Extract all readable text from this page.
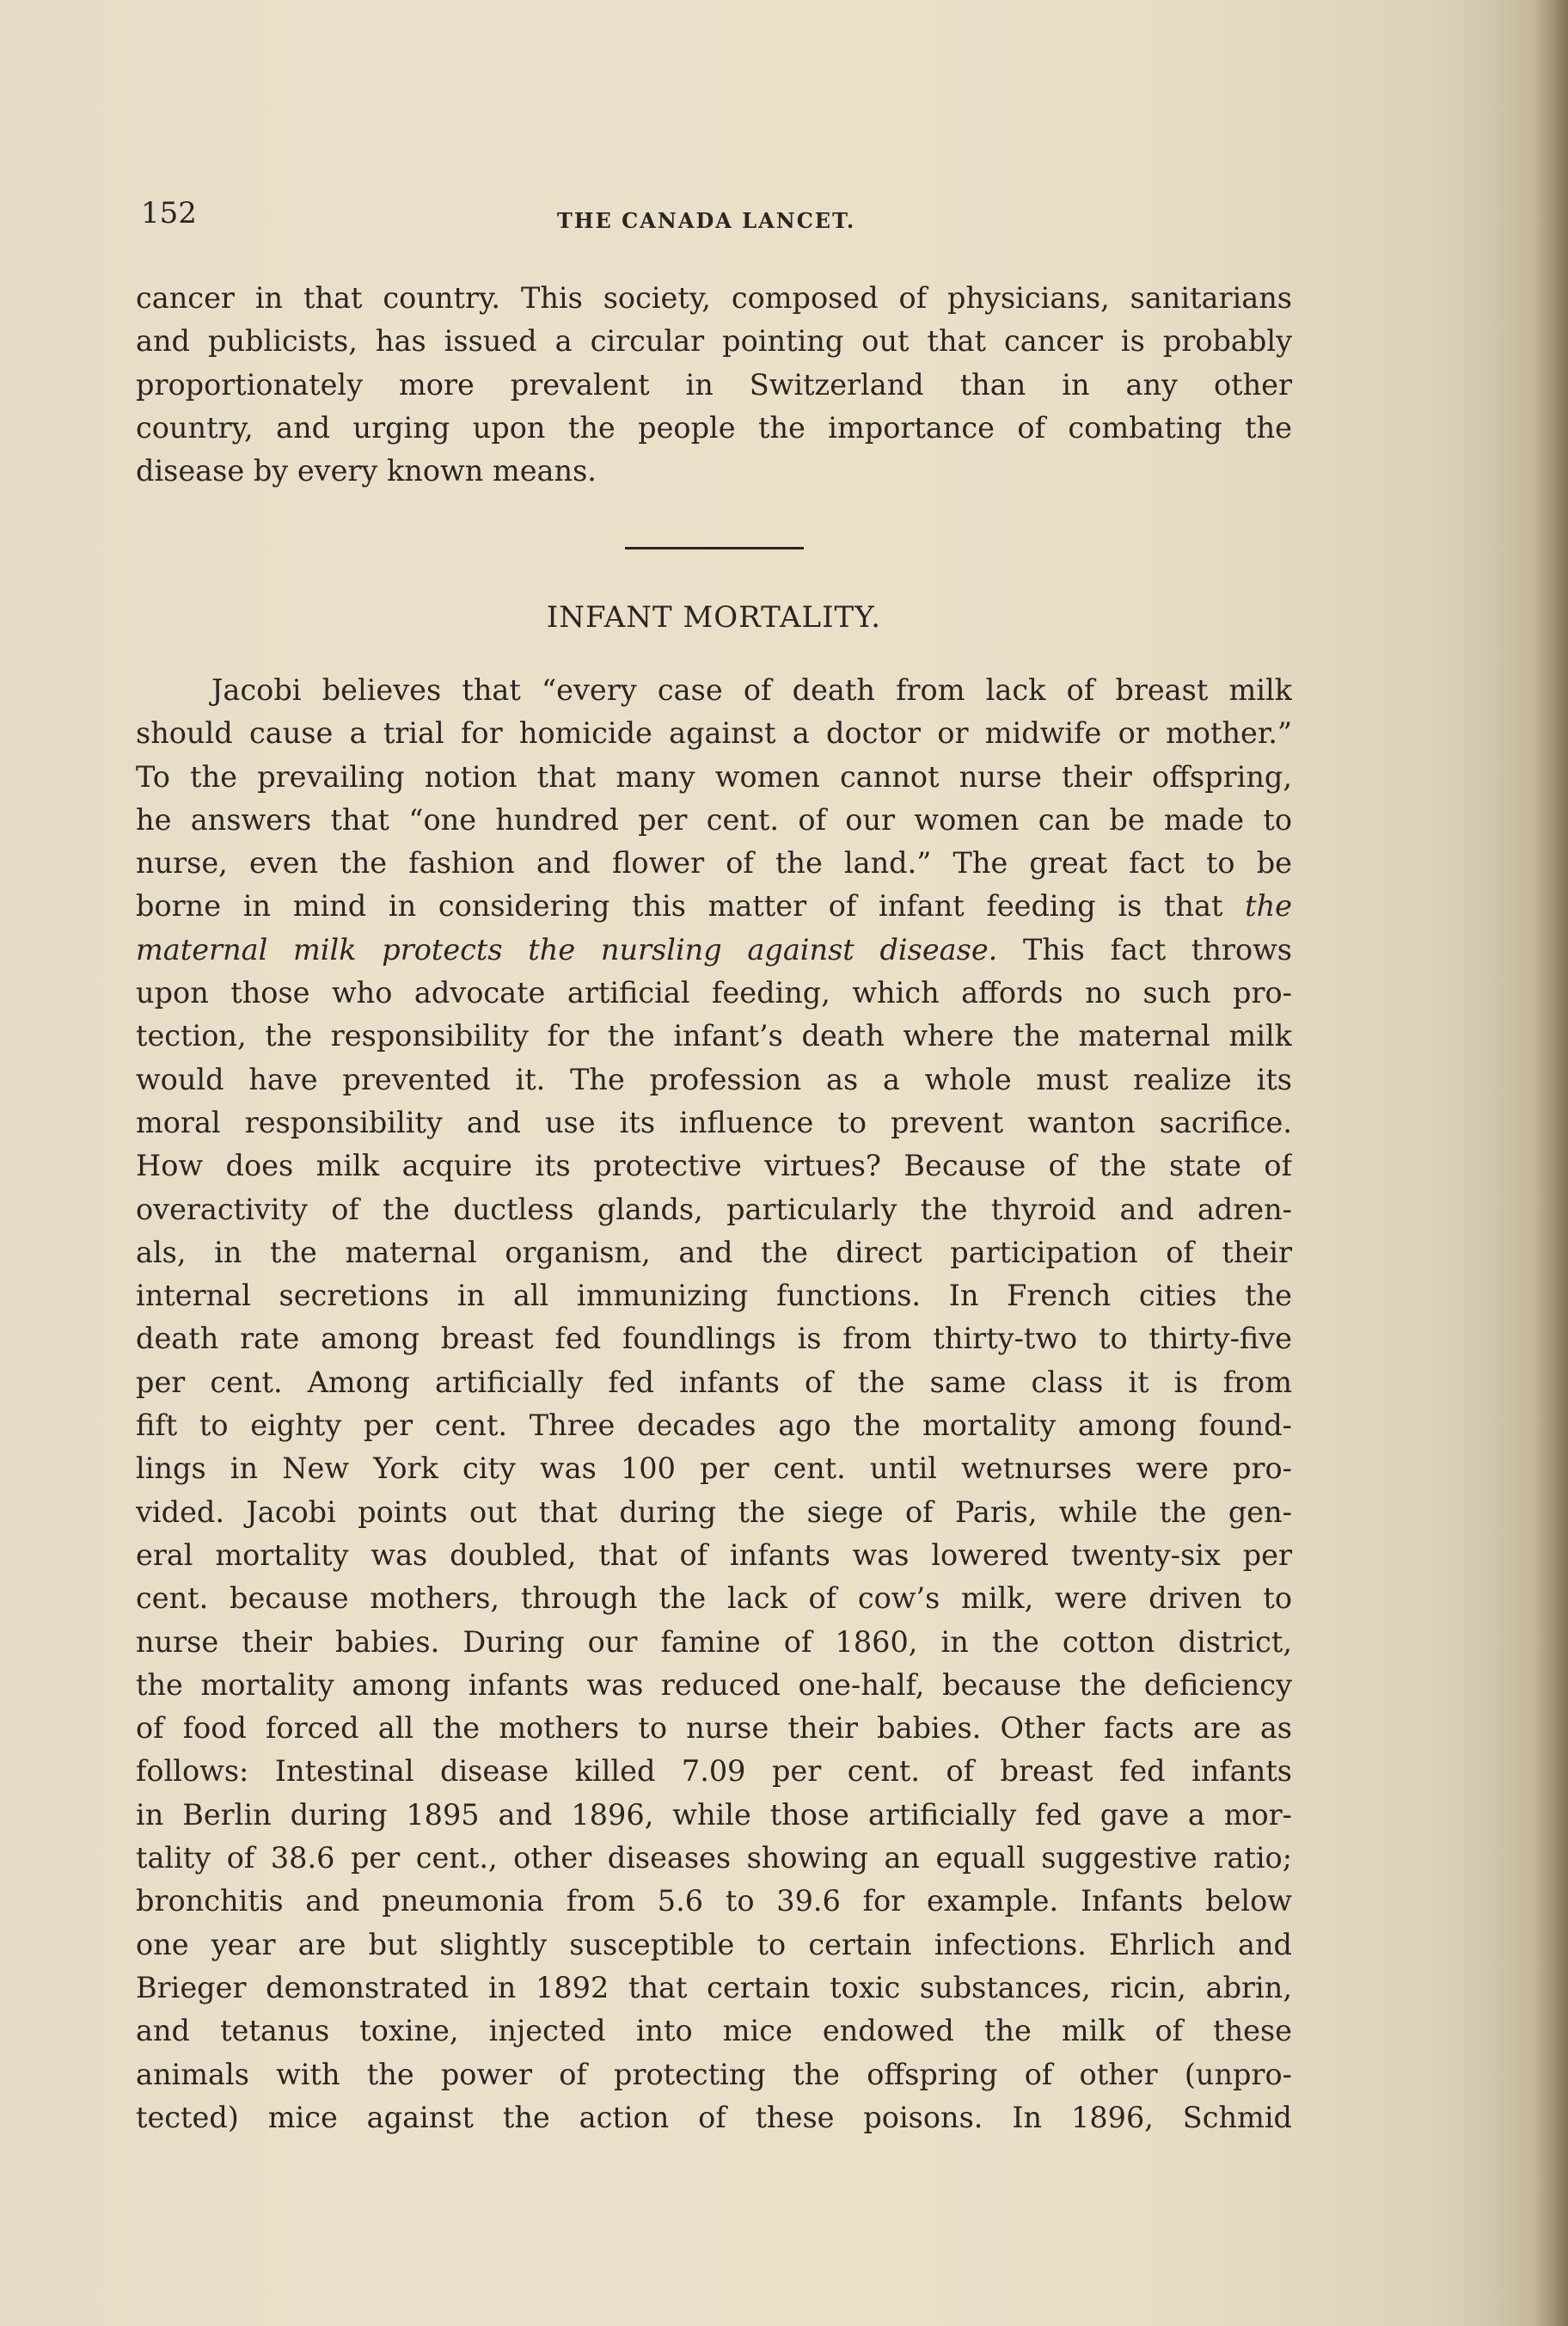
152	THE CANADA LANCET.

cancer in that country. This society, composed of physicians, sanitarians
and publicists, has issued a circular pointing out that cancer is probably
proportionately more prevalent in Switzerland than in any other
country, and urging upon the people the importance of combating the
disease by every known means.

INFANT MORTALITY.

Jacobi believes that “every case of death from lack of breast milk
should cause a trial for homicide against a doctor or midwife or mother.”
To the prevailing notion that many women cannot nurse their offspring,
he answers that “one hundred per cent. of our women can be made to
nurse, even the fashion and flower of the land.” The great fact to be
borne in mind in considering this matter of infant feeding is that the
maternal milk protects the nursling against disease. This fact throws
upon those who advocate artificial feeding, which affords no such pro-
tection, the responsibility for the infant’s death where the maternal milk
would have prevented it. The profession as a whole must realize its
moral responsibility and use its influence to prevent wanton sacrifice.
How does milk acquire its protective virtues? Because of the state of
overactivity of the ductless glands, particularly the thyroid and adren-
als, in the maternal organism, and the direct participation of their
internal secretions in all immunizing functions. In French cities the
death rate among breast fed foundlings is from thirty-two to thirty-five
per cent. Among artificially fed infants of the same class it is from
fift to eighty per cent. Three decades ago the mortality among found-
lings in New York city was 100 per cent. until wetnurses were pro-
vided. Jacobi points out that during the siege of Paris, while the gen-
eral mortality was doubled, that of infants was lowered twenty-six per
cent. because mothers, through the lack of cow’s milk, were driven to
nurse their babies. During our famine of 1860, in the cotton district,
the mortality among infants was reduced one-half, because the deficiency
of food forced all the mothers to nurse their babies. Other facts are as
follows: Intestinal disease killed 7.09 per cent. of breast fed infants
in Berlin during 1895 and 1896, while those artificially fed gave a mor-
tality of 38.6 per cent., other diseases showing an equall suggestive ratio;
bronchitis and pneumonia from 5.6 to 39.6 for example. Infants below
one year are but slightly susceptible to certain infections. Ehrlich and
Brieger demonstrated in 1892 that certain toxic substances, ricin, abrin,
and tetanus toxine, injected into mice endowed the milk of these
animals with the power of protecting the offspring of other (unpro-
tected) mice against the action of these poisons. In 1896, Schmid
